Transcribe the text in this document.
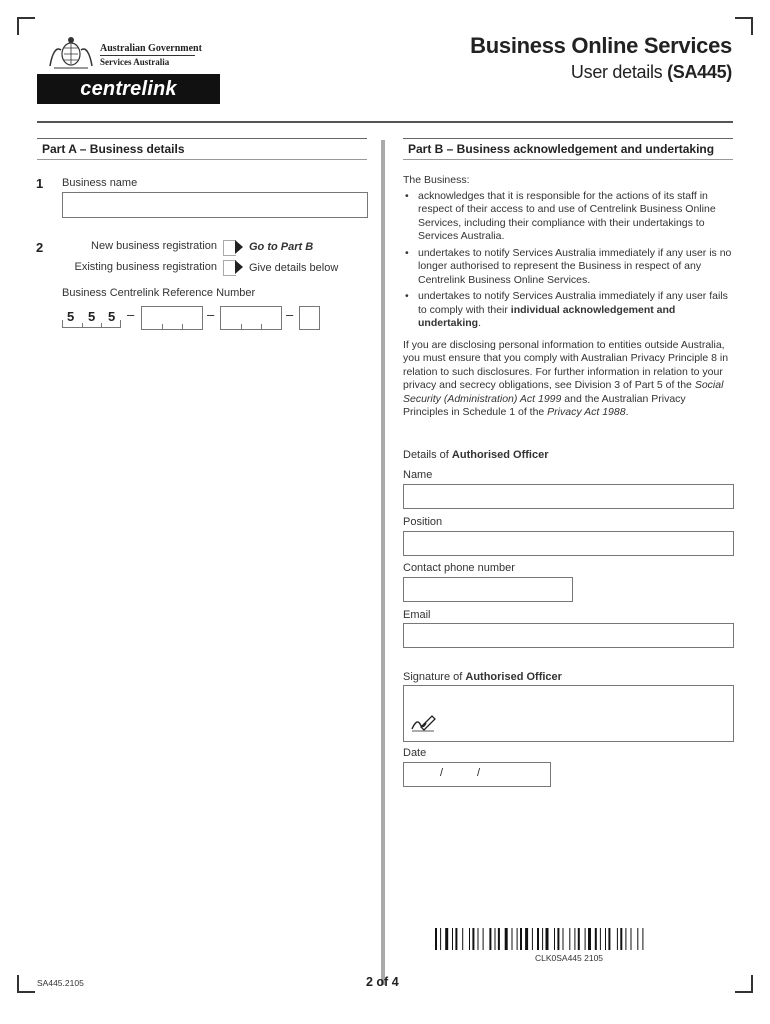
Australian Government
Services Australia
centrelink
Business Online Services
User details (SA445)
Part A – Business details
1 Business name
2	New business registration	Go to Part B
Existing business registration	Give details below
Business Centrelink Reference Number
5 5 5 –	–	–
Part B – Business acknowledgement and undertaking
The Business:
• acknowledges that it is responsible for the actions of its staff in respect of their access to and use of Centrelink Business Online Services, including their compliance with their undertakings to Services Australia.
• undertakes to notify Services Australia immediately if any user is no longer authorised to represent the Business in respect of any Centrelink Business Online Services.
• undertakes to notify Services Australia immediately if any user fails to comply with their individual acknowledgement and undertaking.
If you are disclosing personal information to entities outside Australia, you must ensure that you comply with Australian Privacy Principle 8 in relation to such disclosures. For further information in relation to your privacy and secrecy obligations, see Division 3 of Part 5 of the Social Security (Administration) Act 1999 and the Australian Privacy Principles in Schedule 1 of the Privacy Act 1988.
Details of Authorised Officer
Name
Position
Contact phone number
Email
Signature of Authorised Officer
Date
/	/
CLK0SA445 2105
SA445.2105	2 of 4
